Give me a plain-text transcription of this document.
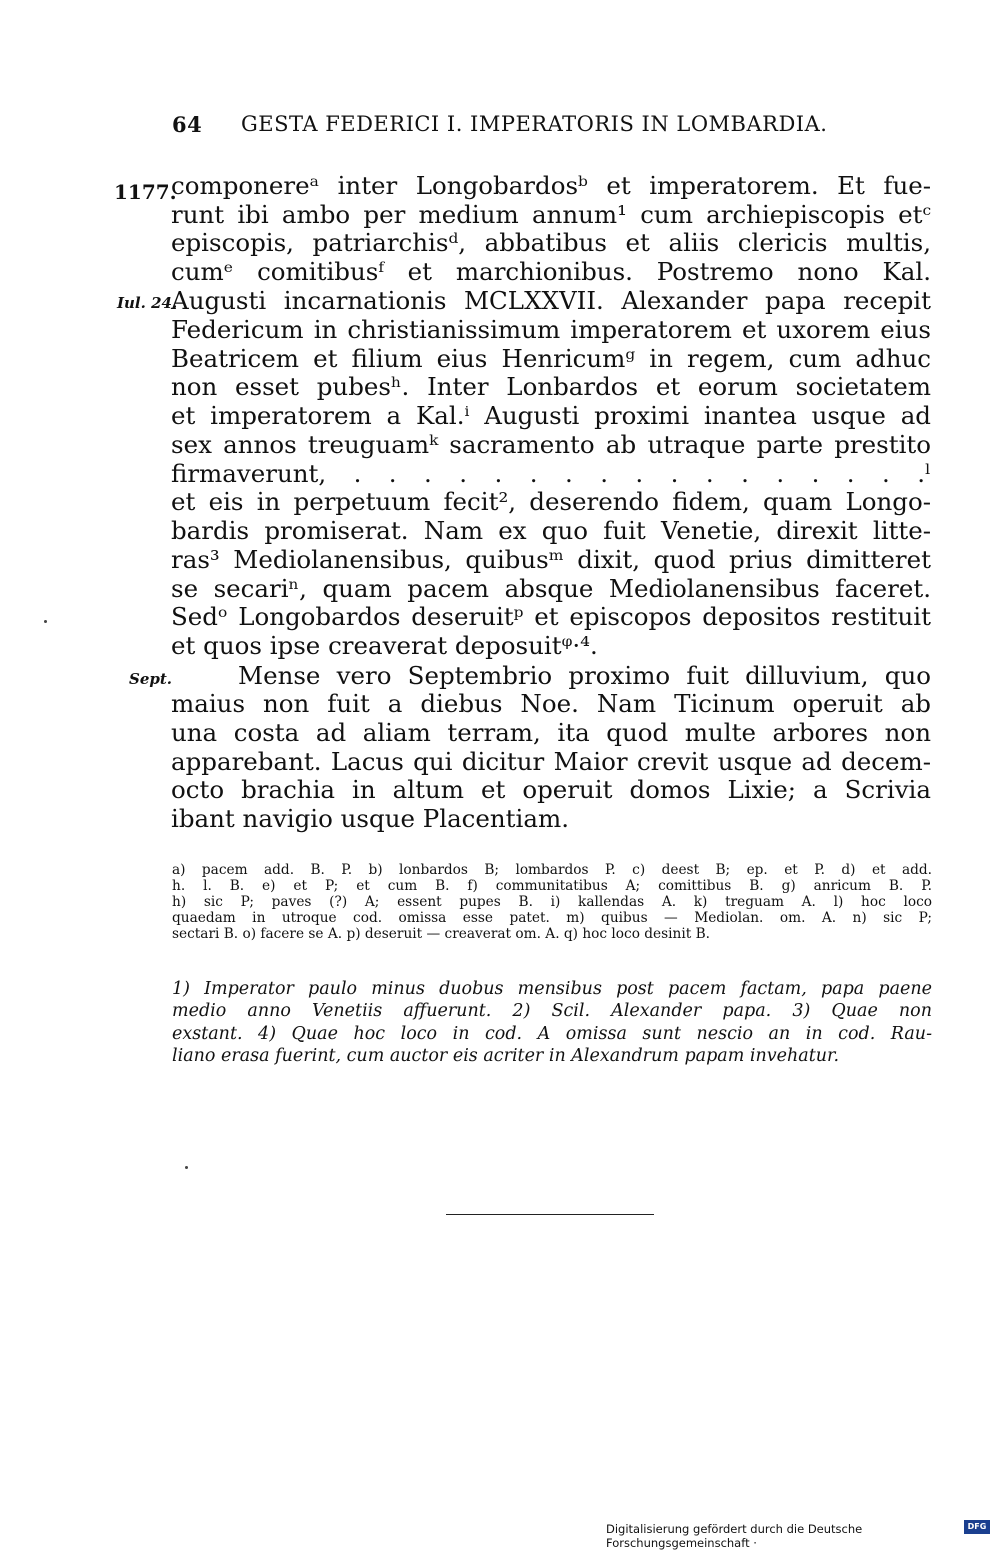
64 GESTA FEDERICI I. IMPERATORIS IN LOMBARDIA.
1177.
Iul. 24.
Sept.
componereᵃ inter Longobardosᵇ et imperatorem. Et fue-
runt ibi ambo per medium annum¹ cum archiepiscopis etᶜ
episcopis, patriarchisᵈ, abbatibus et aliis clericis multis,
cumᵉ comitibusᶠ et marchionibus. Postremo nono Kal.
Augusti incarnationis MCLXXVII. Alexander papa recepit
Federicum in christianissimum imperatorem et uxorem eius
Beatricem et filium eius Henricumᵍ in regem, cum adhuc
non esset pubesʰ. Inter Lonbardos et eorum societatem
et imperatorem a Kal.ⁱ Augusti proximi inantea usque ad
sex annos treuguamᵏ sacramento ab utraque parte prestito
firmaverunt, . . . . . . . . . . . . . . . . .ˡ
et eis in perpetuum fecit², deserendo fidem, quam Longo-
bardis promiserat. Nam ex quo fuit Venetie, direxit litte-
ras³ Mediolanensibus, quibusᵐ dixit, quod prius dimitteret
se secariⁿ, quam pacem absque Mediolanensibus faceret.
Sedᵒ Longobardos deseruitᵖ et episcopos depositos restituit
et quos ipse creaverat deposuitᵠ·⁴.
Mense vero Septembrio proximo fuit dilluvium, quo
maius non fuit a diebus Noe. Nam Ticinum operuit ab
una costa ad aliam terram, ita quod multe arbores non
apparebant. Lacus qui dicitur Maior crevit usque ad decem-
octo brachia in altum et operuit domos Lixie; a Scrivia
ibant navigio usque Placentiam.
a) pacem add. B. P. b) lonbardos B; lombardos P. c) deest B; ep. et P. d) et add.
h. l. B. e) et P; et cum B. f) communitatibus A; comittibus B. g) anricum B. P.
h) sic P; paves (?) A; essent pupes B. i) kallendas A. k) treguam A. l) hoc loco
quaedam in utroque cod. omissa esse patet. m) quibus — Mediolan. om. A. n) sic P;
sectari B. o) facere se A. p) deseruit — creaverat om. A. q) hoc loco desinit B.
1) Imperator paulo minus duobus mensibus post pacem factam, papa paene
medio anno Venetiis affuerunt. 2) Scil. Alexander papa. 3) Quae non
exstant. 4) Quae hoc loco in cod. A omissa sunt nescio an in cod. Rau-
liano erasa fuerint, cum auctor eis acriter in Alexandrum papam invehatur.
Digitalisierung gefördert durch die Deutsche Forschungsgemeinschaft ·
DFG
